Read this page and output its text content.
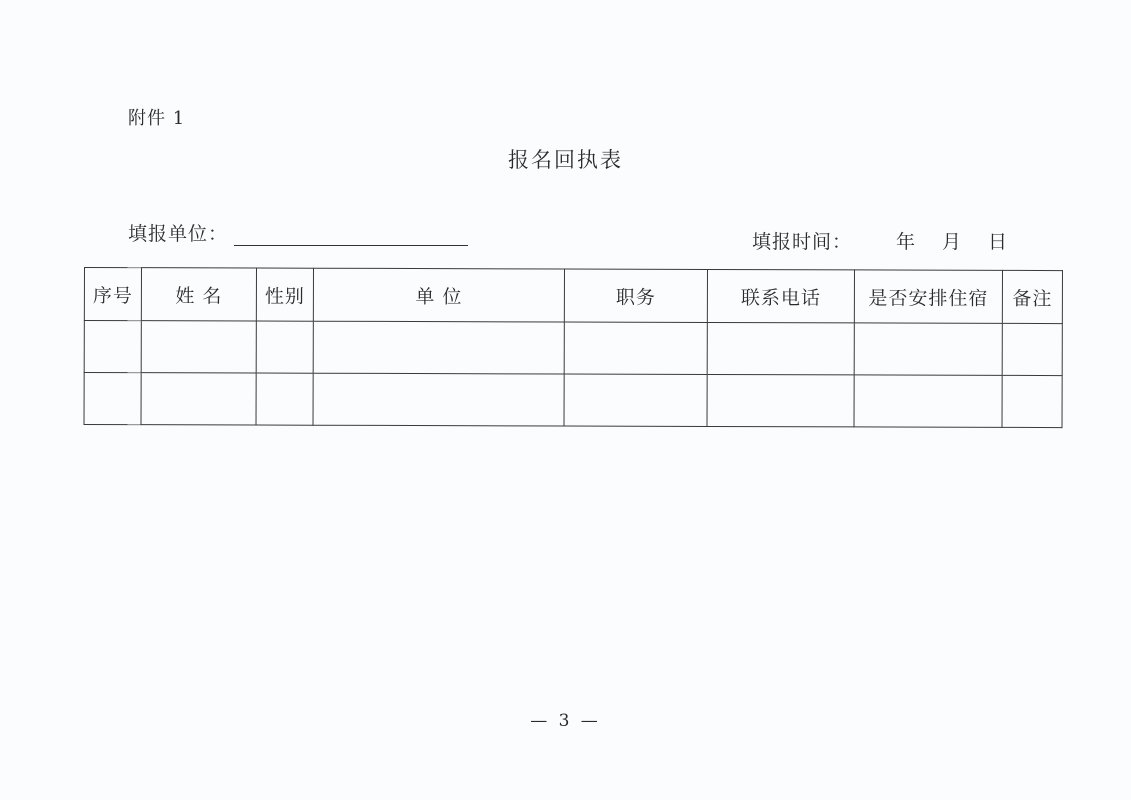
附件 1
报名回执表
填报单位：	填报时间： 年 月 日
序号	姓 名	性别	单 位	职务	联系电话	是否安排住宿	备注

— 3 —
